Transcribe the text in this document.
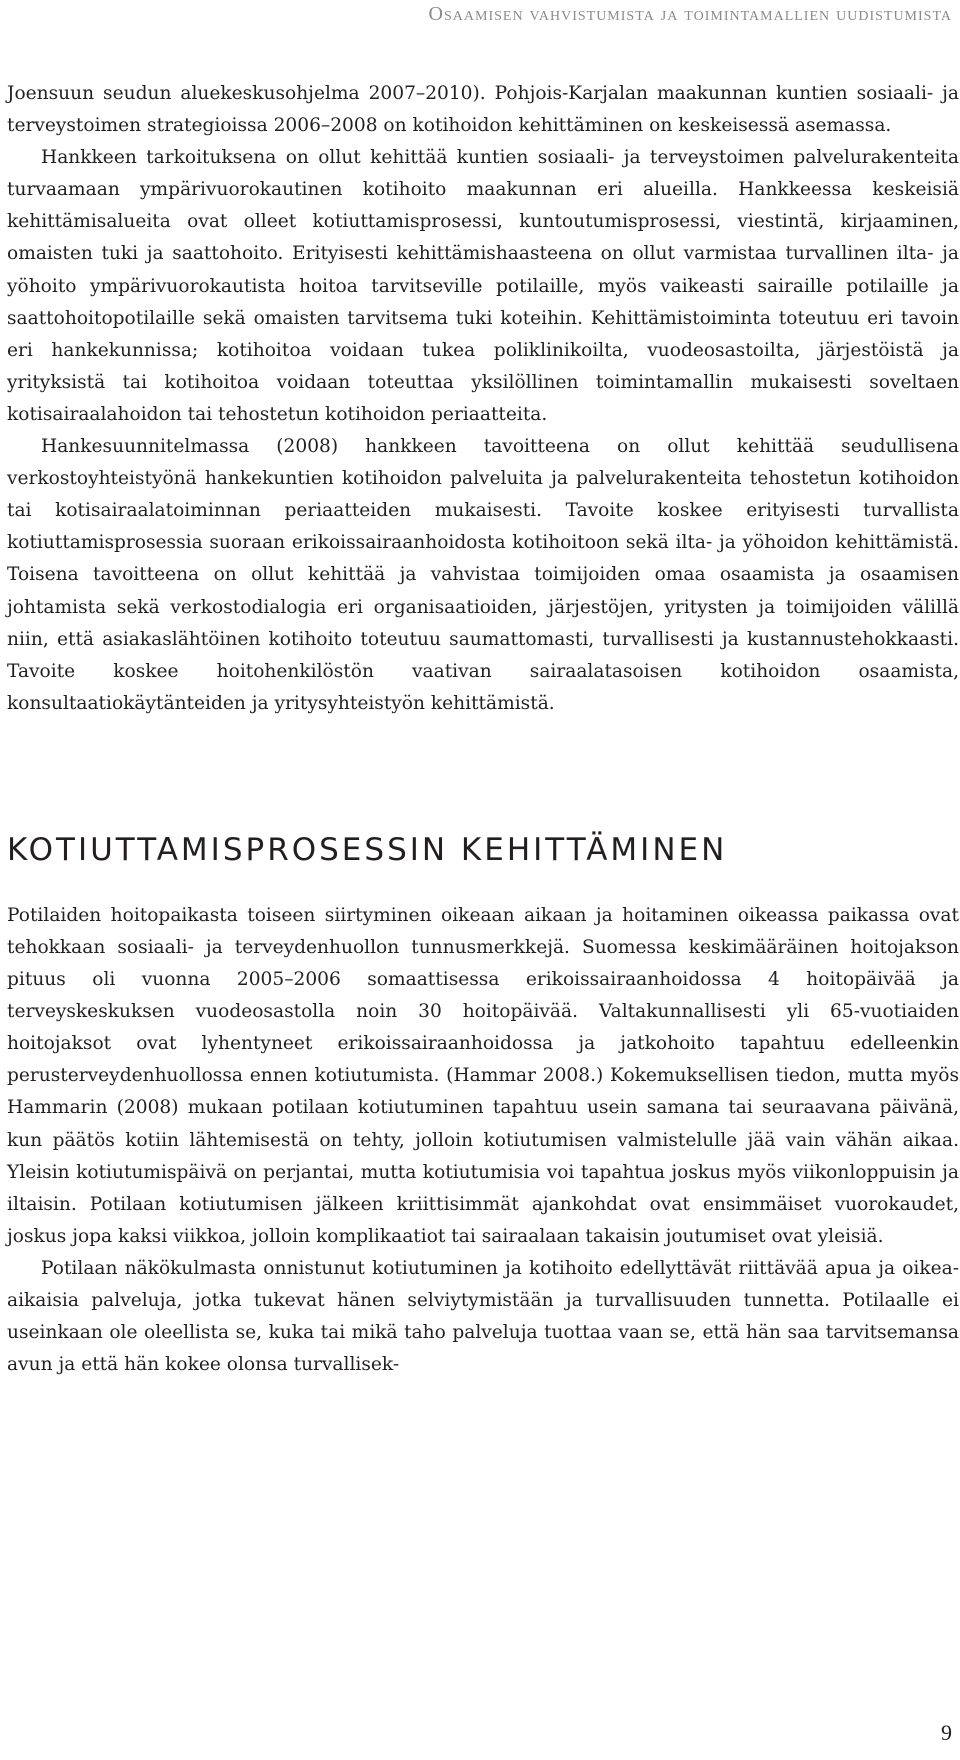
Osaamisen vahvistumista ja toimintamallien uudistumista

Joensuun seudun aluekeskusohjelma 2007–2010). Pohjois-Karjalan maakunnan kuntien sosiaali- ja terveystoimen strategioissa 2006–2008 on kotihoidon kehittäminen on keskeisessä asemassa.

Hankkeen tarkoituksena on ollut kehittää kuntien sosiaali- ja terveystoimen palvelurakenteita turvaamaan ympärivuorokautinen kotihoito maakunnan eri alueilla. Hankkeessa keskeisiä kehittämisalueita ovat olleet kotiuttamisprosessi, kuntoutumisprosessi, viestintä, kirjaaminen, omaisten tuki ja saattohoito. Erityisesti kehittämishaasteena on ollut varmistaa turvallinen ilta- ja yöhoito ympärivuorokautista hoitoa tarvitseville potilaille, myös vaikeasti sairaille potilaille ja saattohoitopotilaille sekä omaisten tarvitsema tuki koteihin. Kehittämistoiminta toteutuu eri tavoin eri hankekunnissa; kotihoitoa voidaan tukea poliklinikoilta, vuodeosastoilta, järjestöistä ja yrityksistä tai kotihoitoa voidaan toteuttaa yksilöllinen toimintamallin mukaisesti soveltaen kotisairaalahoidon tai tehostetun kotihoidon periaatteita.

Hankesuunnitelmassa (2008) hankkeen tavoitteena on ollut kehittää seudullisena verkostoyhteistyönä hankekuntien kotihoidon palveluita ja palvelurakenteita tehostetun kotihoidon tai kotisairaalatoiminnan periaatteiden mukaisesti. Tavoite koskee erityisesti turvallista kotiuttamisprosessia suoraan erikoissairaanhoidosta kotihoitoon sekä ilta- ja yöhoidon kehittämistä. Toisena tavoitteena on ollut kehittää ja vahvistaa toimijoiden omaa osaamista ja osaamisen johtamista sekä verkostodialogia eri organisaatioiden, järjestöjen, yritysten ja toimijoiden välillä niin, että asiakaslähtöinen kotihoito toteutuu saumattomasti, turvallisesti ja kustannustehokkaasti. Tavoite koskee hoitohenkilöstön vaativan sairaalatasoisen kotihoidon osaamista, konsultaatiokäytänteiden ja yritysyhteistyön kehittämistä.

KOTIUTTAMISPROSESSIN KEHITTÄMINEN

Potilaiden hoitopaikasta toiseen siirtyminen oikeaan aikaan ja hoitaminen oikeassa paikassa ovat tehokkaan sosiaali- ja terveydenhuollon tunnusmerkkejä. Suomessa keskimääräinen hoitojakson pituus oli vuonna 2005–2006 somaattisessa erikoissairaanhoidossa 4 hoitopäivää ja terveyskeskuksen vuodeosastolla noin 30 hoitopäivää. Valtakunnallisesti yli 65-vuotiaiden hoitojaksot ovat lyhentyneet erikoissairaanhoidossa ja jatkohoito tapahtuu edelleenkin perusterveydenhuollossa ennen kotiutumista. (Hammar 2008.) Kokemuksellisen tiedon, mutta myös Hammarin (2008) mukaan potilaan kotiutuminen tapahtuu usein samana tai seuraavana päivänä, kun päätös kotiin lähtemisestä on tehty, jolloin kotiutumisen valmistelulle jää vain vähän aikaa. Yleisin kotiutumispäivä on perjantai, mutta kotiutumisia voi tapahtua joskus myös viikonloppuisin ja iltaisin. Potilaan kotiutumisen jälkeen kriittisimmät ajankohdat ovat ensimmäiset vuorokaudet, joskus jopa kaksi viikkoa, jolloin komplikaatiot tai sairaalaan takaisin joutumiset ovat yleisiä.

Potilaan näkökulmasta onnistunut kotiutuminen ja kotihoito edellyttävät riittävää apua ja oikea-aikaisia palveluja, jotka tukevat hänen selviytymistään ja turvallisuuden tunnetta. Potilaalle ei useinkaan ole oleellista se, kuka tai mikä taho palveluja tuottaa vaan se, että hän saa tarvitsemansa avun ja että hän kokee olonsa turvallisek-

9
